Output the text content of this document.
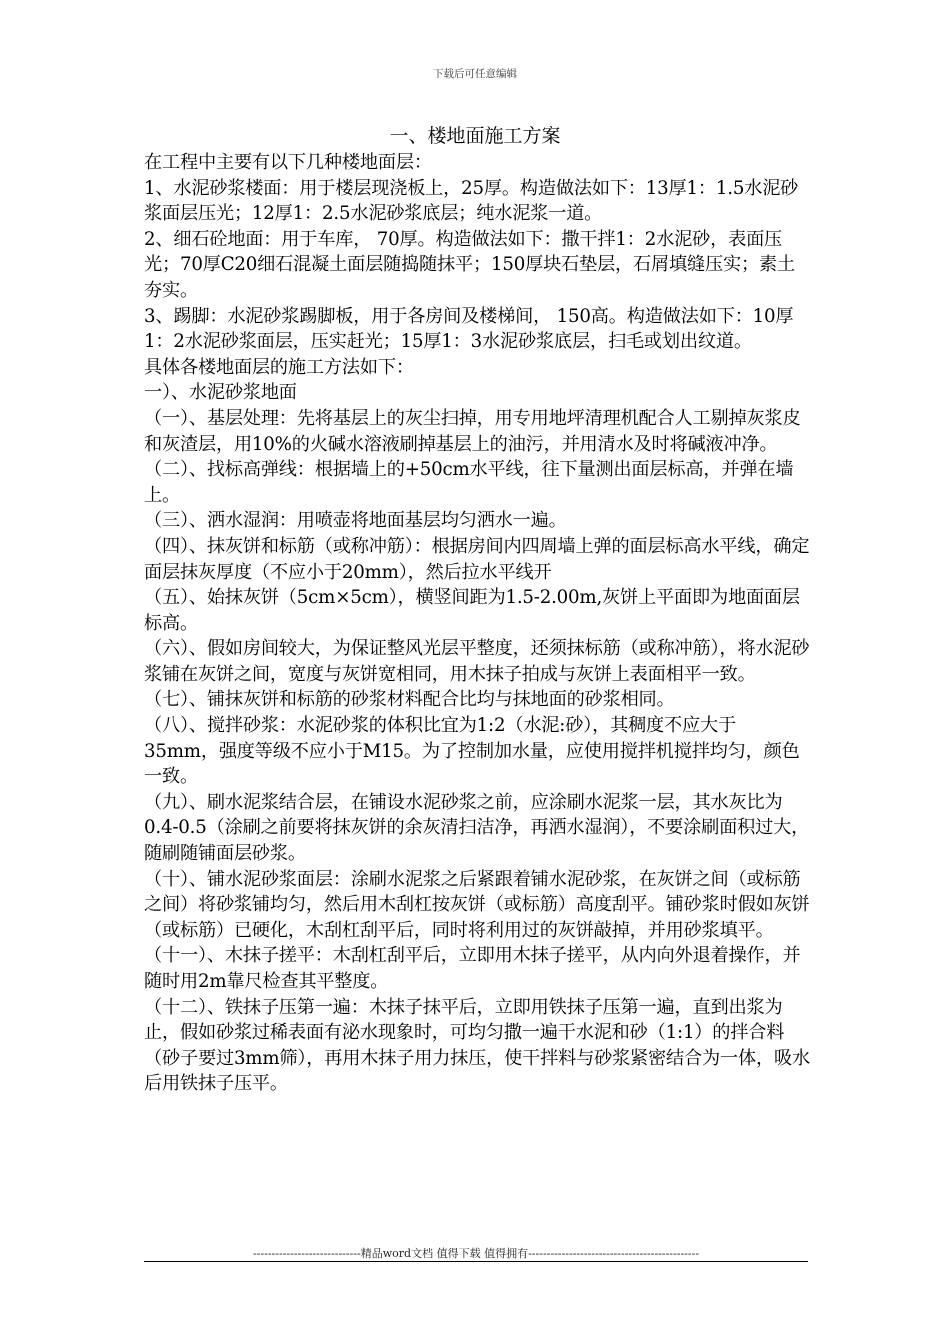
下载后可任意编辑
一、楼地面施工方案

在工程中主要有以下几种楼地面层：

1、水泥砂浆楼面：用于楼层现浇板上，25厚。构造做法如下：13厚1：1.5水泥砂浆面层压光；12厚1：2.5水泥砂浆底层；纯水泥浆一道。

2、细石砼地面：用于车库， 70厚。构造做法如下：撒干拌1：2水泥砂，表面压光；70厚C20细石混凝土面层随捣随抹平；150厚块石垫层，石屑填缝压实；素土夯实。

3、踢脚：水泥砂浆踢脚板，用于各房间及楼梯间， 150高。构造做法如下：10厚1：2水泥砂浆面层，压实赶光；15厚1：3水泥砂浆底层，扫毛或划出纹道。

具体各楼地面层的施工方法如下：

一）、水泥砂浆地面

（一）、基层处理：先将基层上的灰尘扫掉，用专用地坪清理机配合人工剔掉灰浆皮和灰渣层，用10%的火碱水溶液刷掉基层上的油污，并用清水及时将碱液冲净。

（二）、找标高弹线：根据墙上的+50cm水平线，往下量测出面层标高，并弹在墙上。

（三）、洒水湿润：用喷壶将地面基层均匀洒水一遍。

（四）、抹灰饼和标筋（或称冲筋）：根据房间内四周墙上弹的面层标高水平线，确定面层抹灰厚度（不应小于20mm），然后拉水平线开

（五）、始抹灰饼（5cm×5cm），横竖间距为1.5-2.00m,灰饼上平面即为地面面层标高。

（六）、假如房间较大，为保证整风光层平整度，还须抹标筋（或称冲筋），将水泥砂浆铺在灰饼之间，宽度与灰饼宽相同，用木抹子拍成与灰饼上表面相平一致。

（七）、铺抹灰饼和标筋的砂浆材料配合比均与抹地面的砂浆相同。

（八）、搅拌砂浆：水泥砂浆的体积比宜为1:2（水泥:砂），其稠度不应大于35mm，强度等级不应小于M15。为了控制加水量，应使用搅拌机搅拌均匀，颜色一致。

（九）、刷水泥浆结合层，在铺设水泥砂浆之前，应涂刷水泥浆一层，其水灰比为0.4-0.5（涂刷之前要将抹灰饼的余灰清扫洁净，再洒水湿润），不要涂刷面积过大，随刷随铺面层砂浆。

（十）、铺水泥砂浆面层：涂刷水泥浆之后紧跟着铺水泥砂浆，在灰饼之间（或标筋之间）将砂浆铺均匀，然后用木刮杠按灰饼（或标筋）高度刮平。铺砂浆时假如灰饼（或标筋）已硬化，木刮杠刮平后，同时将利用过的灰饼敲掉，并用砂浆填平。

（十一）、木抹子搓平：木刮杠刮平后，立即用木抹子搓平，从内向外退着操作，并随时用2m靠尺检查其平整度。

（十二）、铁抹子压第一遍：木抹子抹平后，立即用铁抹子压第一遍，直到出浆为止，假如砂浆过稀表面有泌水现象时，可均匀撒一遍干水泥和砂（1:1）的拌合料（砂子要过3mm筛），再用木抹子用力抹压，使干拌料与砂浆紧密结合为一体，吸水后用铁抹子压平。

-----------------------------精品word文档 值得下载 值得拥有----------------------------------------------
